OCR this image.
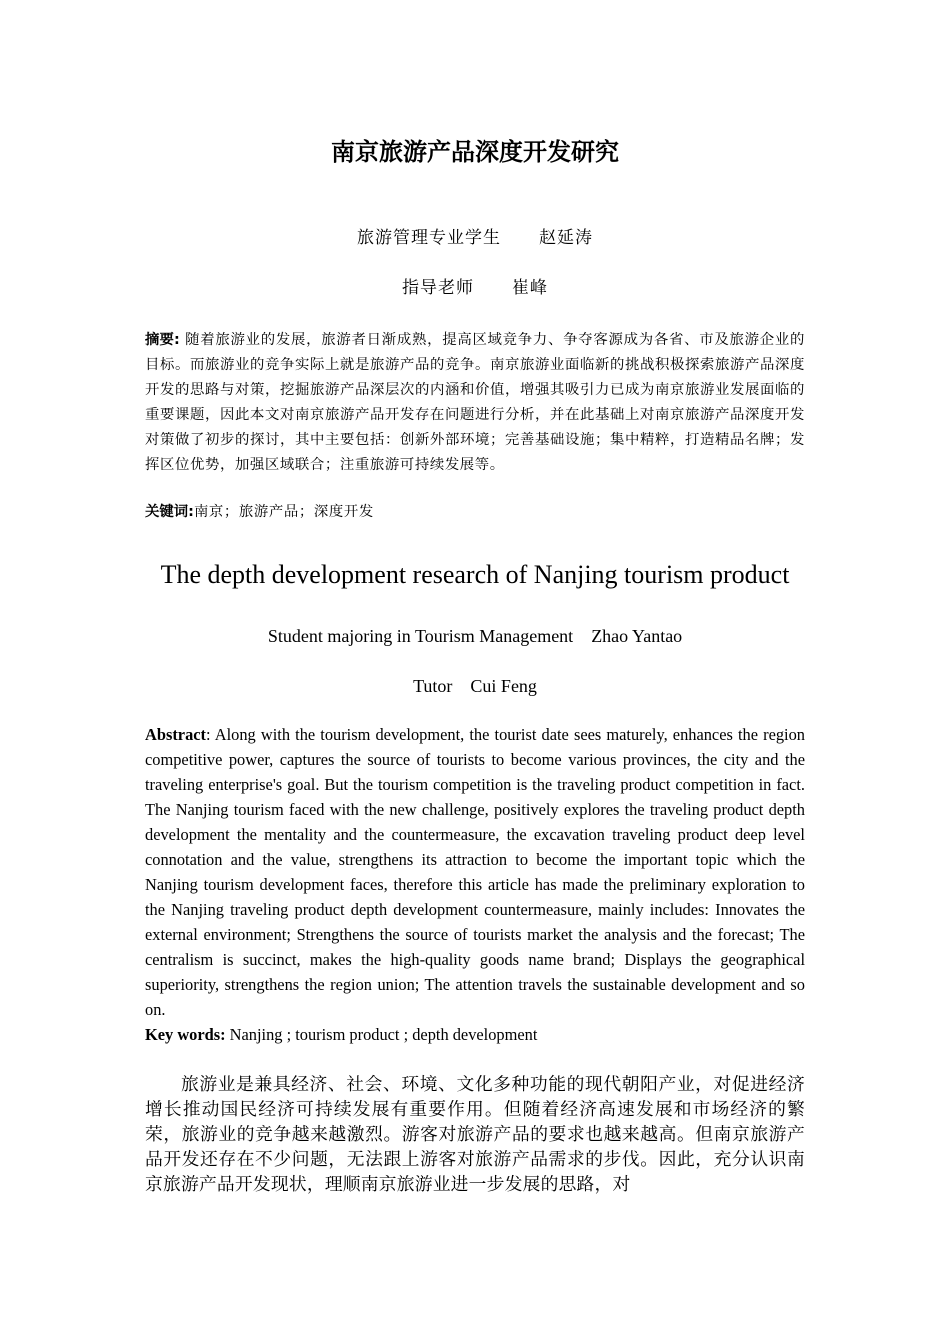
南京旅游产品深度开发研究
旅游管理专业学生 赵延涛
指导老师 崔峰
摘要: 随着旅游业的发展，旅游者日渐成熟，提高区域竞争力、争夺客源成为各省、市及旅游企业的目标。而旅游业的竞争实际上就是旅游产品的竞争。南京旅游业面临新的挑战积极探索旅游产品深度开发的思路与对策，挖掘旅游产品深层次的内涵和价值，增强其吸引力已成为南京旅游业发展面临的重要课题，因此本文对南京旅游产品开发存在问题进行分析，并在此基础上对南京旅游产品深度开发对策做了初步的探讨，其中主要包括：创新外部环境；完善基础设施；集中精粹，打造精品名牌；发挥区位优势，加强区域联合；注重旅游可持续发展等。
关键词:南京；旅游产品；深度开发
The depth development research of Nanjing tourism product
Student majoring in Tourism Management Zhao Yantao
Tutor Cui Feng
Abstract: Along with the tourism development, the tourist date sees maturely, enhances the region competitive power, captures the source of tourists to become various provinces, the city and the traveling enterprise's goal. But the tourism competition is the traveling product competition in fact. The Nanjing tourism faced with the new challenge, positively explores the traveling product depth development the mentality and the countermeasure, the excavation traveling product deep level connotation and the value, strengthens its attraction to become the important topic which the Nanjing tourism development faces, therefore this article has made the preliminary exploration to the Nanjing traveling product depth development countermeasure, mainly includes: Innovates the external environment; Strengthens the source of tourists market the analysis and the forecast; The centralism is succinct, makes the high-quality goods name brand; Displays the geographical superiority, strengthens the region union; The attention travels the sustainable development and so on.
Key words: Nanjing ; tourism product ; depth development
旅游业是兼具经济、社会、环境、文化多种功能的现代朝阳产业，对促进经济增长推动国民经济可持续发展有重要作用。但随着经济高速发展和市场经济的繁荣，旅游业的竞争越来越激烈。游客对旅游产品的要求也越来越高。但南京旅游产品开发还存在不少问题，无法跟上游客对旅游产品需求的步伐。因此，充分认识南京旅游产品开发现状，理顺南京旅游业进一步发展的思路，对
